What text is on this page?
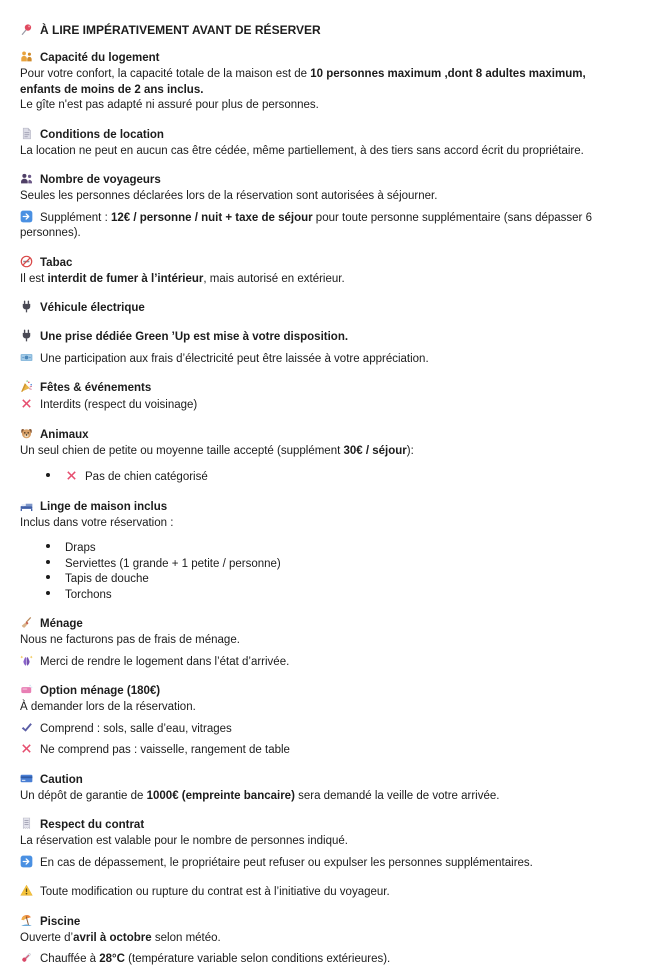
À LIRE IMPÉRATIVEMENT AVANT DE RÉSERVER
Capacité du logement
Pour votre confort, la capacité totale de la maison est de 10 personnes maximum ,dont 8 adultes maximum, enfants de moins de 2 ans inclus.
Le gîte n'est pas adapté ni assuré pour plus de personnes.
Conditions de location
La location ne peut en aucun cas être cédée, même partiellement, à des tiers sans accord écrit du propriétaire.
Nombre de voyageurs
Seules les personnes déclarées lors de la réservation sont autorisées à séjourner.
Supplément : 12€ / personne / nuit + taxe de séjour pour toute personne supplémentaire (sans dépasser 6 personnes).
Tabac
Il est interdit de fumer à l’intérieur, mais autorisé en extérieur.
Véhicule électrique
Une prise dédiée Green ’Up est mise à votre disposition.
Une participation aux frais d’électricité peut être laissée à votre appréciation.
Fêtes & événements
Interdits (respect du voisinage)
Animaux
Un seul chien de petite ou moyenne taille accepté (supplément 30€ / séjour):
Pas de chien catégorisé
Linge de maison inclus
Inclus dans votre réservation :
Draps
Serviettes (1 grande + 1 petite / personne)
Tapis de douche
Torchons
Ménage
Nous ne facturons pas de frais de ménage.
Merci de rendre le logement dans l’état d’arrivée.
Option ménage (180€)
À demander lors de la réservation.
Comprend : sols, salle d’eau, vitrages
Ne comprend pas : vaisselle, rangement de table
Caution
Un dépôt de garantie de 1000€ (empreinte bancaire) sera demandé la veille de votre arrivée.
Respect du contrat
La réservation est valable pour le nombre de personnes indiqué.
En cas de dépassement, le propriétaire peut refuser ou expulser les personnes supplémentaires.
Toute modification ou rupture du contrat est à l’initiative du voyageur.
Piscine
Ouverte d’avril à octobre selon météo.
Chauffée à 28°C (température variable selon conditions extérieures).
